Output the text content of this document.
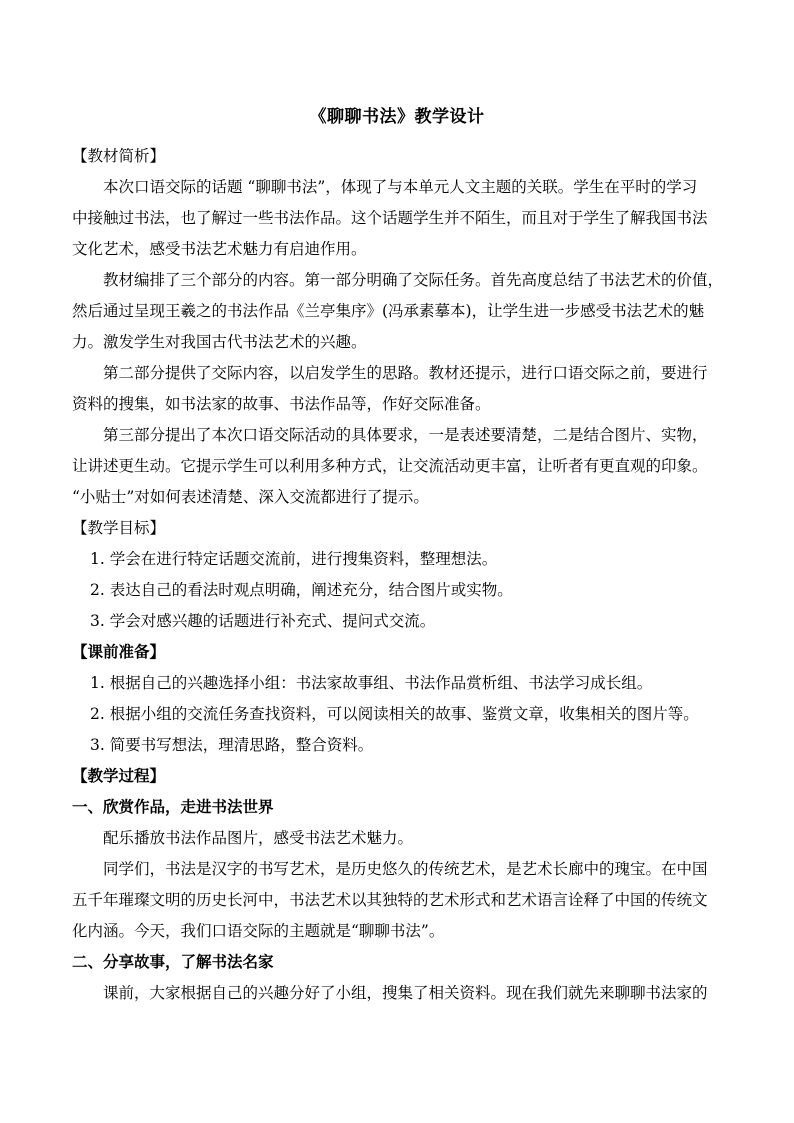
《聊聊书法》教学设计
【教材简析】
本次口语交际的话题 “聊聊书法”，体现了与本单元人文主题的关联。学生在平时的学习
中接触过书法，也了解过一些书法作品。这个话题学生并不陌生，而且对于学生了解我国书法
文化艺术，感受书法艺术魅力有启迪作用。
教材编排了三个部分的内容。第一部分明确了交际任务。首先高度总结了书法艺术的价值，
然后通过呈现王羲之的书法作品《兰亭集序》(冯承素摹本)，让学生进一步感受书法艺术的魅
力。激发学生对我国古代书法艺术的兴趣。
第二部分提供了交际内容，以启发学生的思路。教材还提示，进行口语交际之前，要进行
资料的搜集，如书法家的故事、书法作品等，作好交际准备。
第三部分提出了本次口语交际活动的具体要求，一是表述要清楚，二是结合图片、实物，
让讲述更生动。它提示学生可以利用多种方式，让交流活动更丰富，让听者有更直观的印象。
“小贴士”对如何表述清楚、深入交流都进行了提示。
【教学目标】
1. 学会在进行特定话题交流前，进行搜集资料，整理想法。
2. 表达自己的看法时观点明确，阐述充分，结合图片或实物。
3. 学会对感兴趣的话题进行补充式、提问式交流。
【课前准备】
1. 根据自己的兴趣选择小组：书法家故事组、书法作品赏析组、书法学习成长组。
2. 根据小组的交流任务查找资料，可以阅读相关的故事、鉴赏文章，收集相关的图片等。
3. 简要书写想法，理清思路，整合资料。
【教学过程】
一、欣赏作品，走进书法世界
配乐播放书法作品图片，感受书法艺术魅力。
同学们，书法是汉字的书写艺术，是历史悠久的传统艺术，是艺术长廊中的瑰宝。在中国
五千年璀璨文明的历史长河中，书法艺术以其独特的艺术形式和艺术语言诠释了中国的传统文
化内涵。今天，我们口语交际的主题就是“聊聊书法”。
二、分享故事，了解书法名家
课前，大家根据自己的兴趣分好了小组，搜集了相关资料。现在我们就先来聊聊书法家的
